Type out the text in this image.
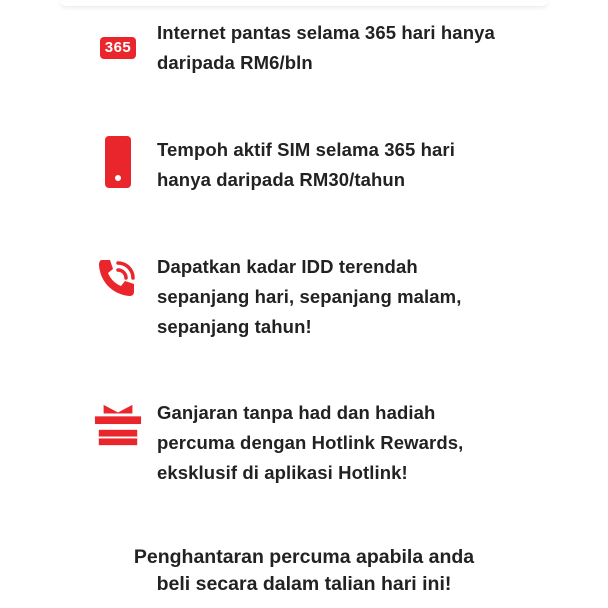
365
Internet pantas selama 365 hari hanya
daripada RM6/bln
Tempoh aktif SIM selama 365 hari
hanya daripada RM30/tahun
Dapatkan kadar IDD terendah
sepanjang hari, sepanjang malam,
sepanjang tahun!
Ganjaran tanpa had dan hadiah
percuma dengan Hotlink Rewards,
eksklusif di aplikasi Hotlink!
Penghantaran percuma apabila anda
beli secara dalam talian hari ini!
